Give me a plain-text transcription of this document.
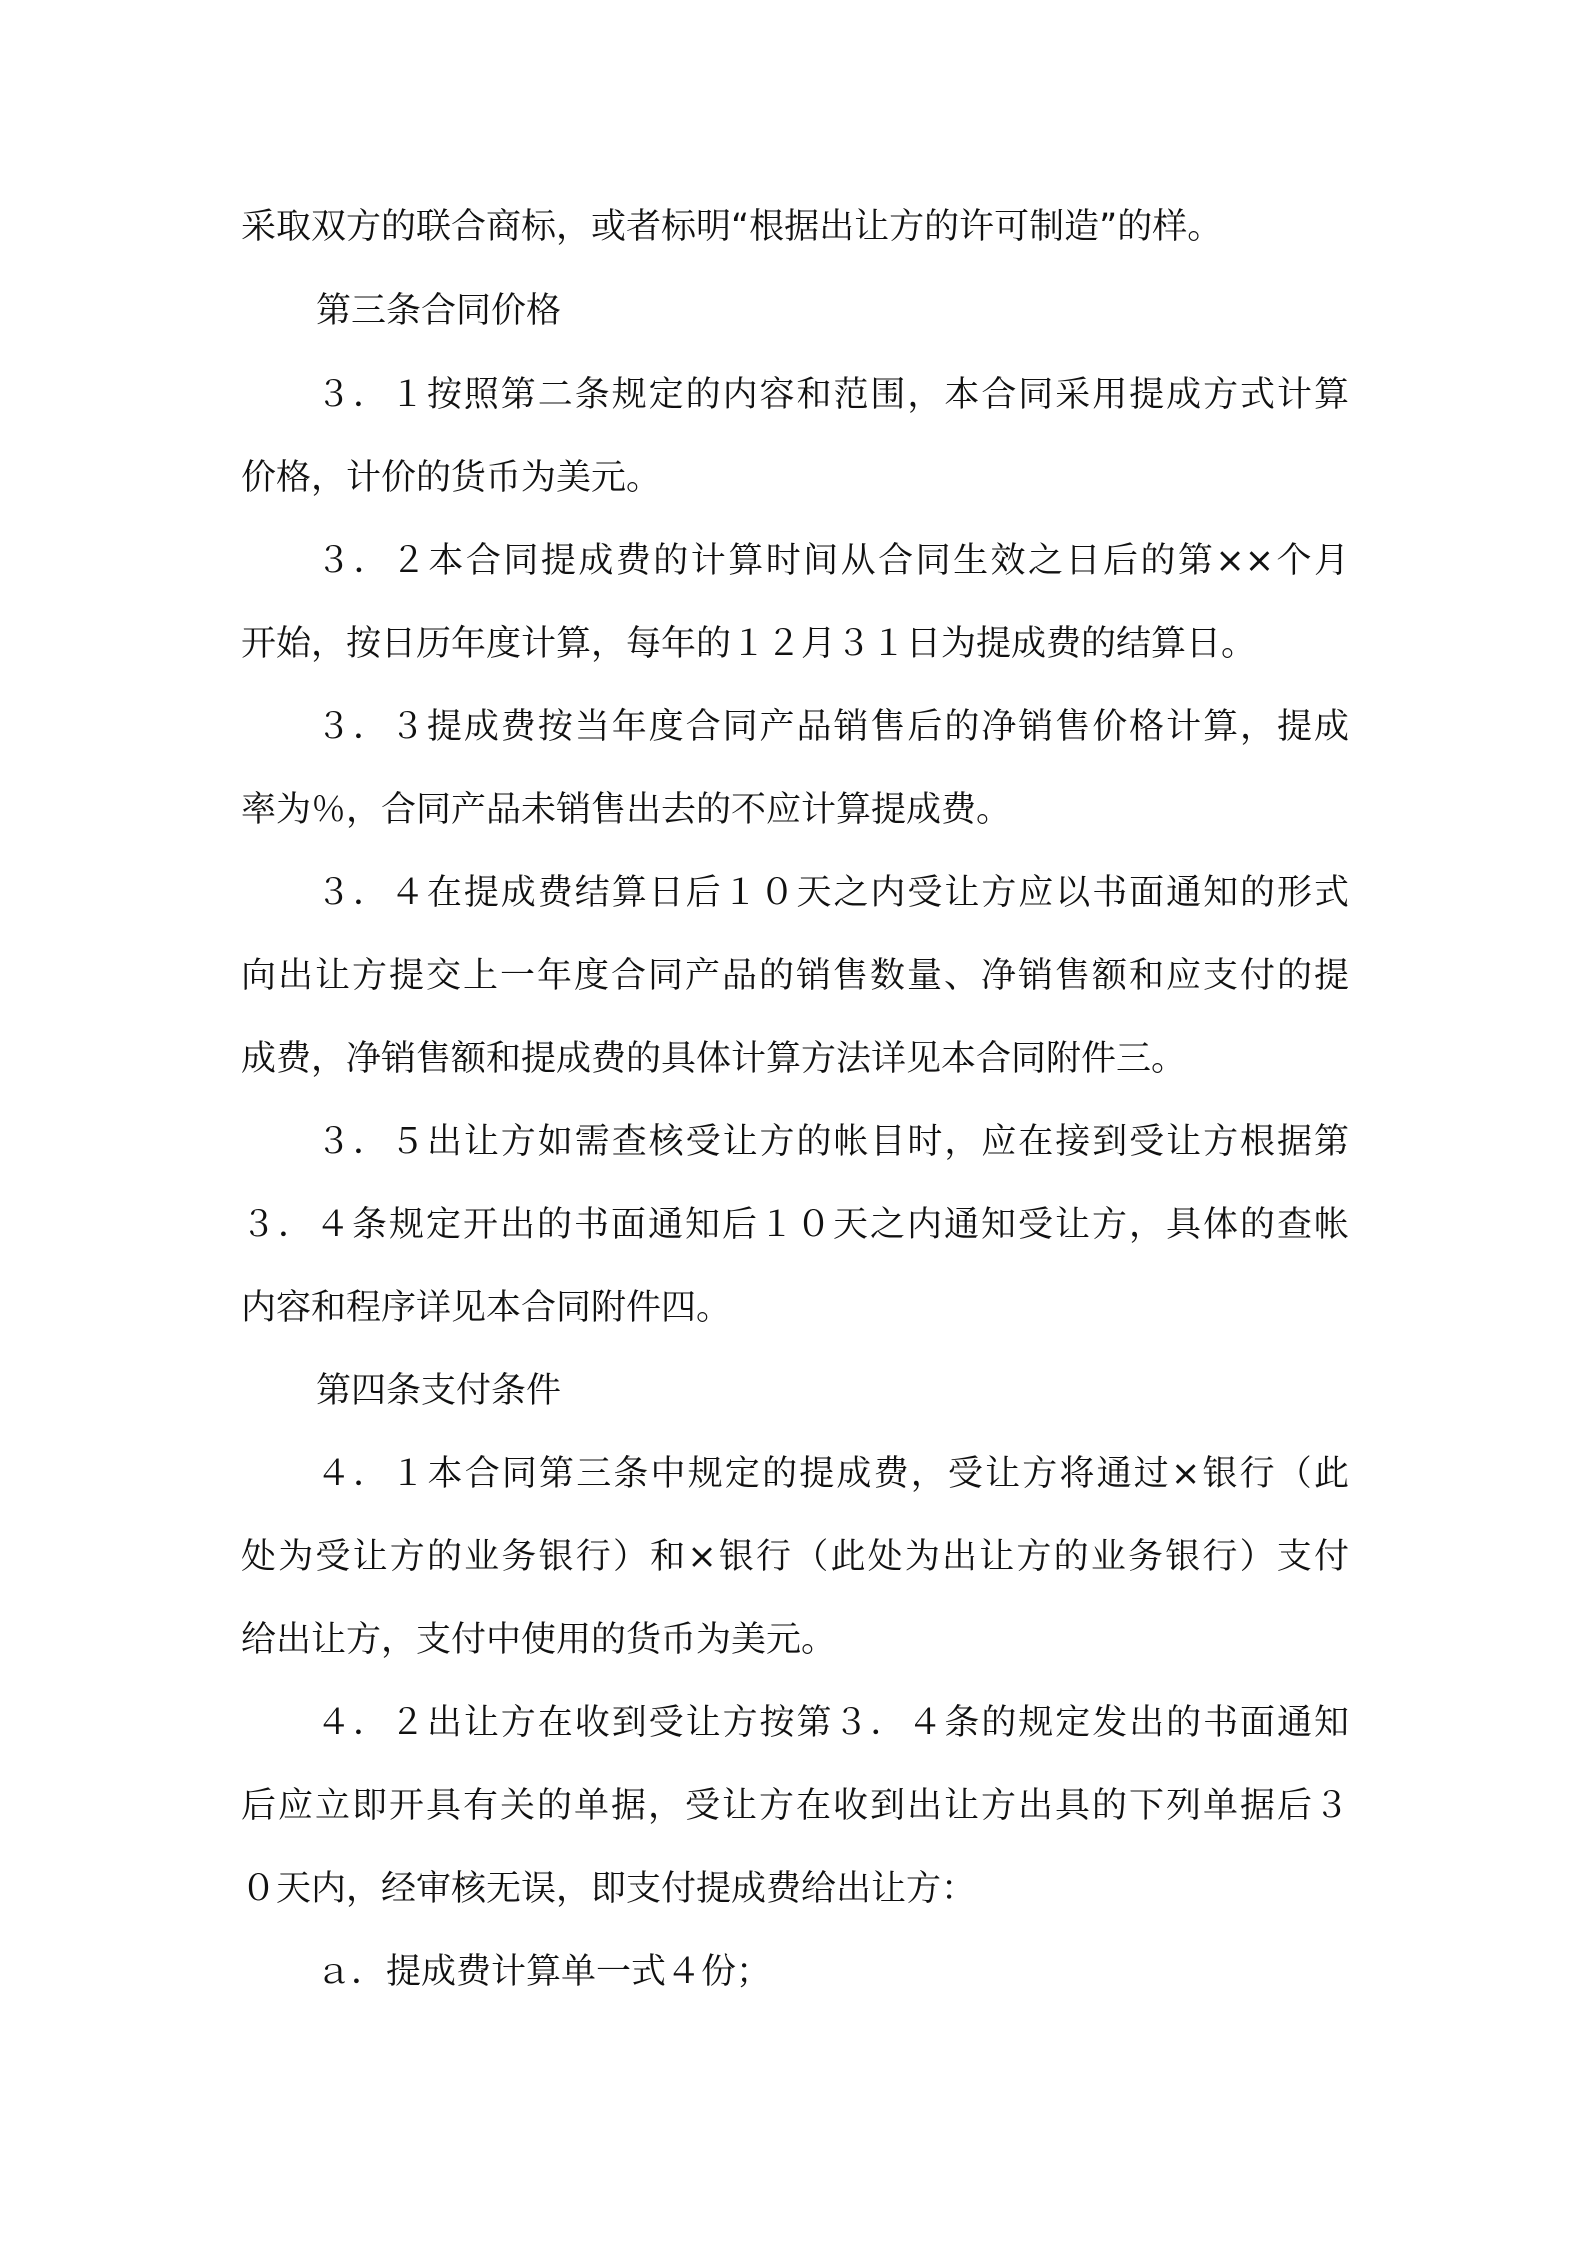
采取双方的联合商标，或者标明“根据出让方的许可制造”的样。
第三条合同价格
３．１按照第二条规定的内容和范围，本合同采用提成方式计算
价格，计价的货币为美元。
３．２本合同提成费的计算时间从合同生效之日后的第××个月
开始，按日历年度计算，每年的１２月３１日为提成费的结算日。
３．３提成费按当年度合同产品销售后的净销售价格计算，提成
率为％，合同产品未销售出去的不应计算提成费。
３．４在提成费结算日后１０天之内受让方应以书面通知的形式
向出让方提交上一年度合同产品的销售数量、净销售额和应支付的提
成费，净销售额和提成费的具体计算方法详见本合同附件三。
３．５出让方如需查核受让方的帐目时，应在接到受让方根据第
３．４条规定开出的书面通知后１０天之内通知受让方，具体的查帐
内容和程序详见本合同附件四。
第四条支付条件
４．１本合同第三条中规定的提成费，受让方将通过×银行（此
处为受让方的业务银行）和×银行（此处为出让方的业务银行）支付
给出让方，支付中使用的货币为美元。
４．２出让方在收到受让方按第３．４条的规定发出的书面通知
后应立即开具有关的单据，受让方在收到出让方出具的下列单据后３
０天内，经审核无误，即支付提成费给出让方：
ａ．提成费计算单一式４份；
